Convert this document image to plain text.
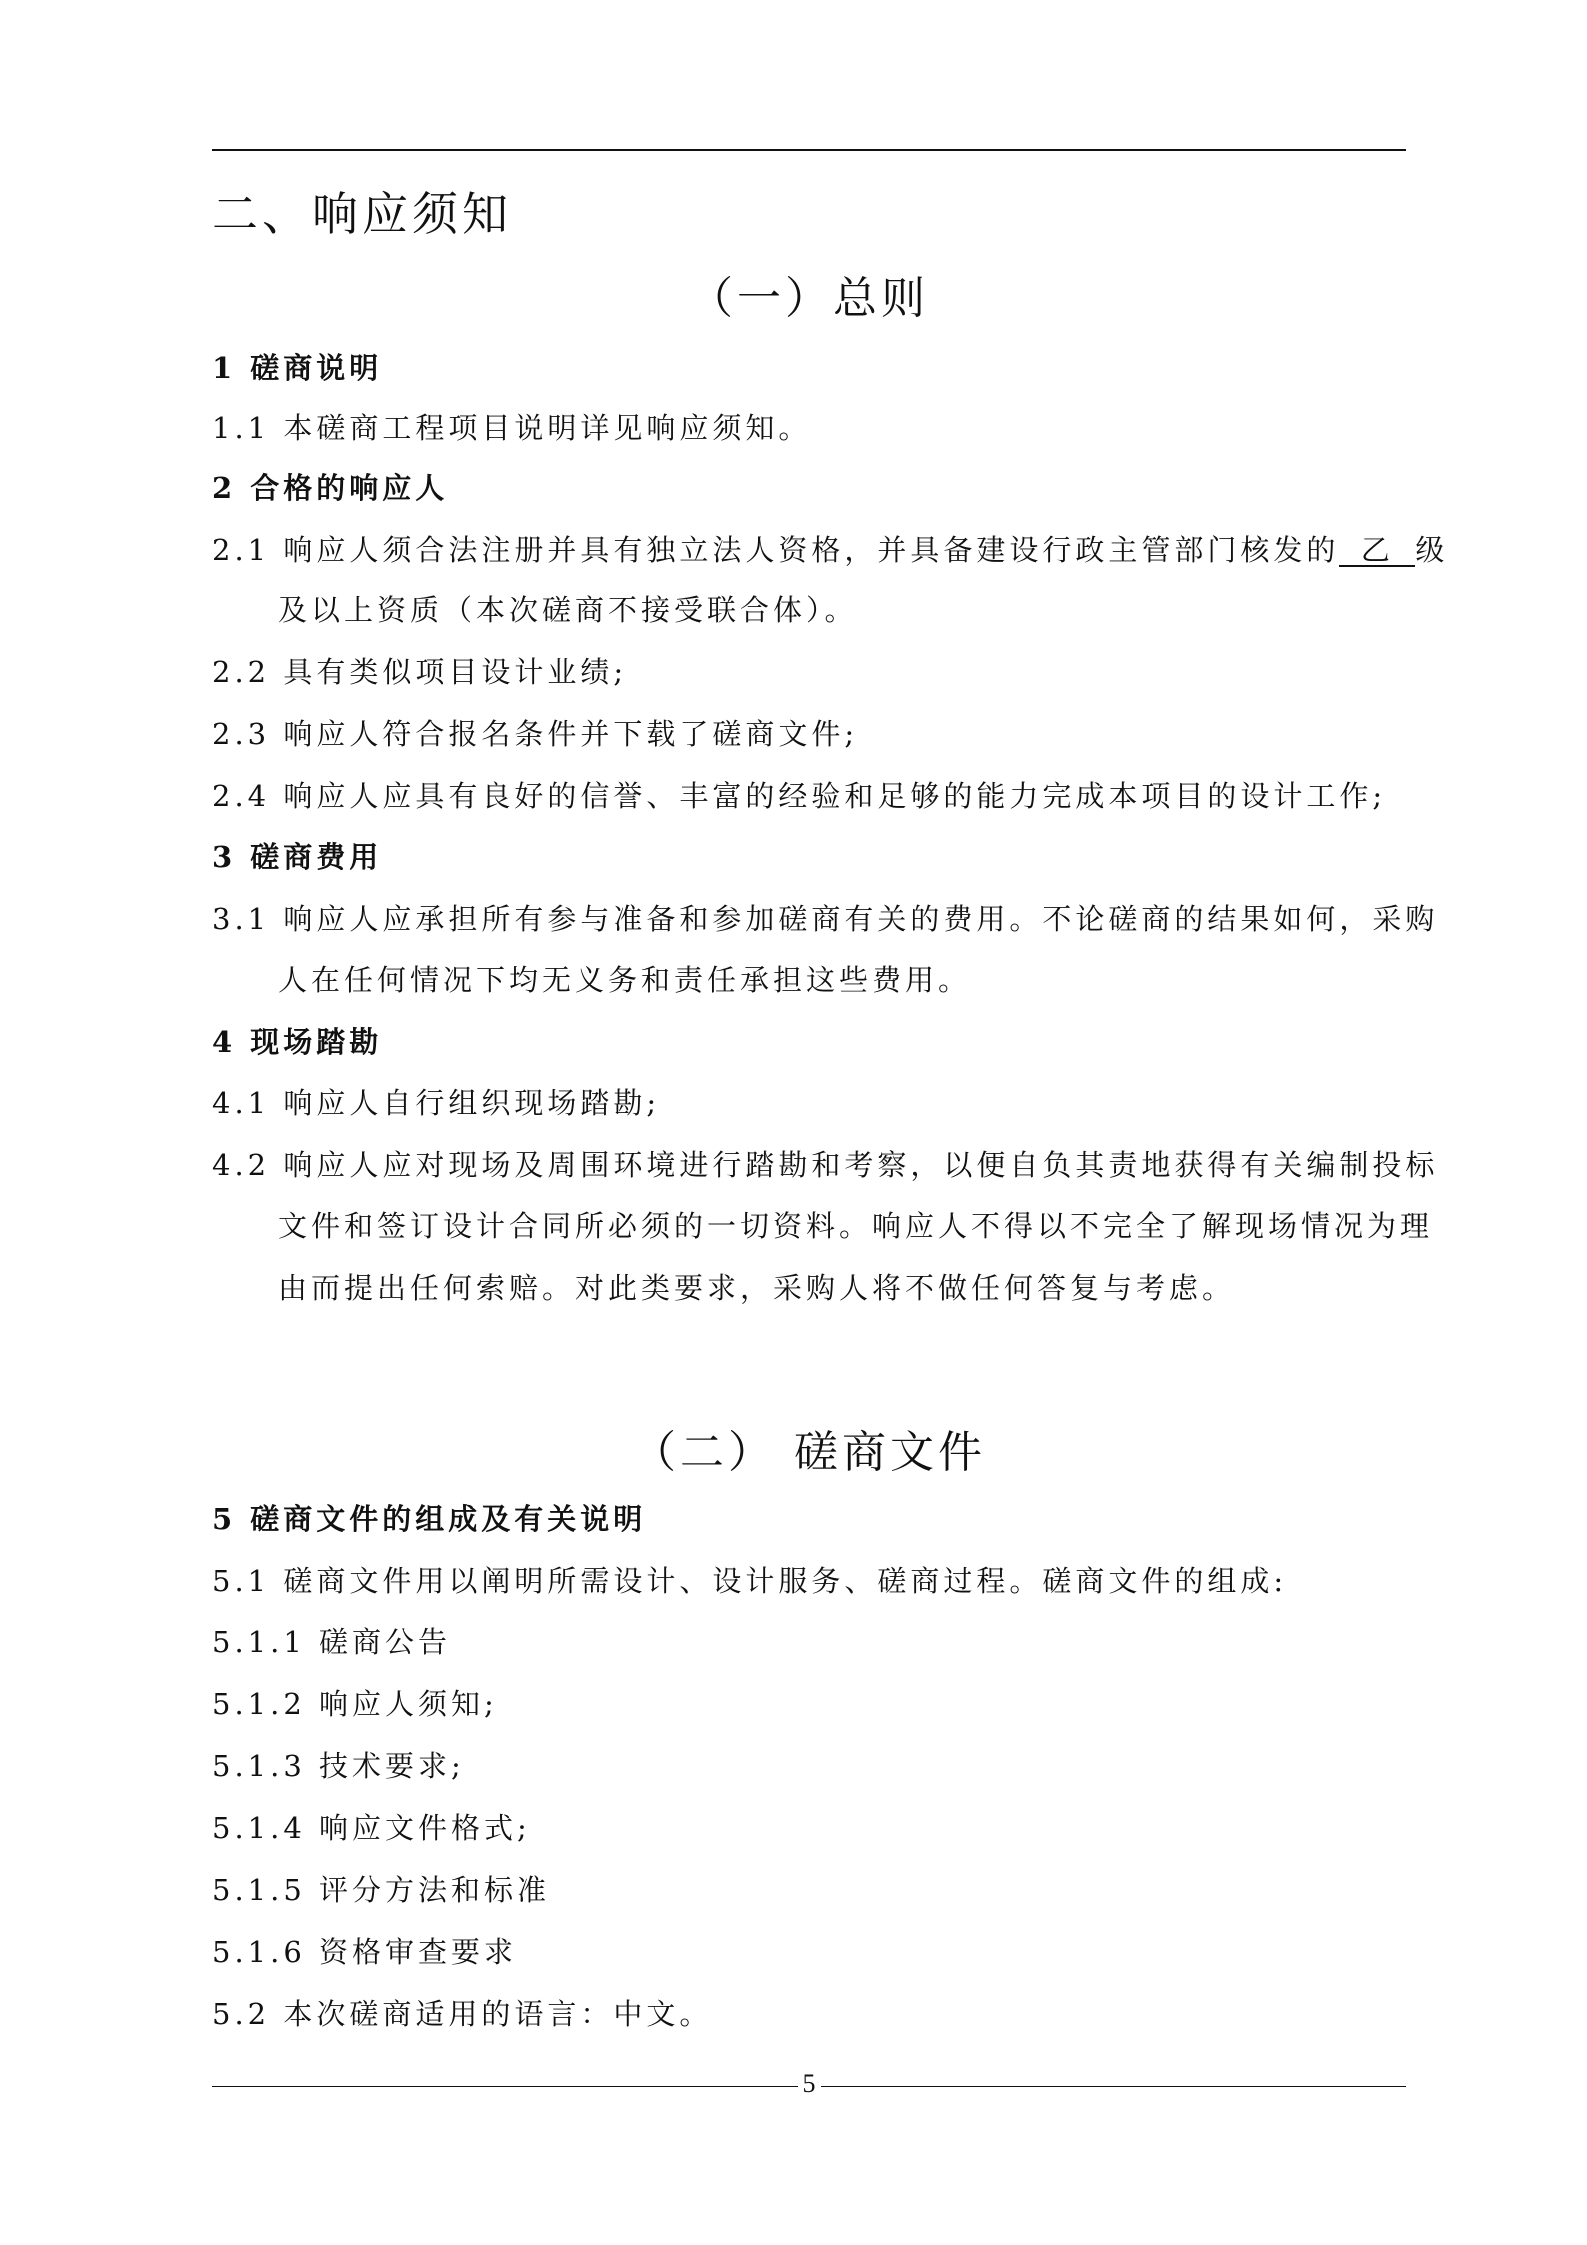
二、响应须知
（一）总则
1 磋商说明
1.1 本磋商工程项目说明详见响应须知。
2 合格的响应人
2.1 响应人须合法注册并具有独立法人资格，并具备建设行政主管部门核发的 乙 级
及以上资质（本次磋商不接受联合体）。
2.2 具有类似项目设计业绩;
2.3 响应人符合报名条件并下载了磋商文件;
2.4 响应人应具有良好的信誉、丰富的经验和足够的能力完成本项目的设计工作;
3 磋商费用
3.1 响应人应承担所有参与准备和参加磋商有关的费用。不论磋商的结果如何，采购
人在任何情况下均无义务和责任承担这些费用。
4 现场踏勘
4.1 响应人自行组织现场踏勘;
4.2 响应人应对现场及周围环境进行踏勘和考察，以便自负其责地获得有关编制投标
文件和签订设计合同所必须的一切资料。响应人不得以不完全了解现场情况为理
由而提出任何索赔。对此类要求，采购人将不做任何答复与考虑。
（二） 磋商文件
5 磋商文件的组成及有关说明
5.1 磋商文件用以阐明所需设计、设计服务、磋商过程。磋商文件的组成:
5.1.1 磋商公告
5.1.2 响应人须知;
5.1.3 技术要求;
5.1.4 响应文件格式;
5.1.5 评分方法和标准
5.1.6 资格审查要求
5.2 本次磋商适用的语言：中文。
5
